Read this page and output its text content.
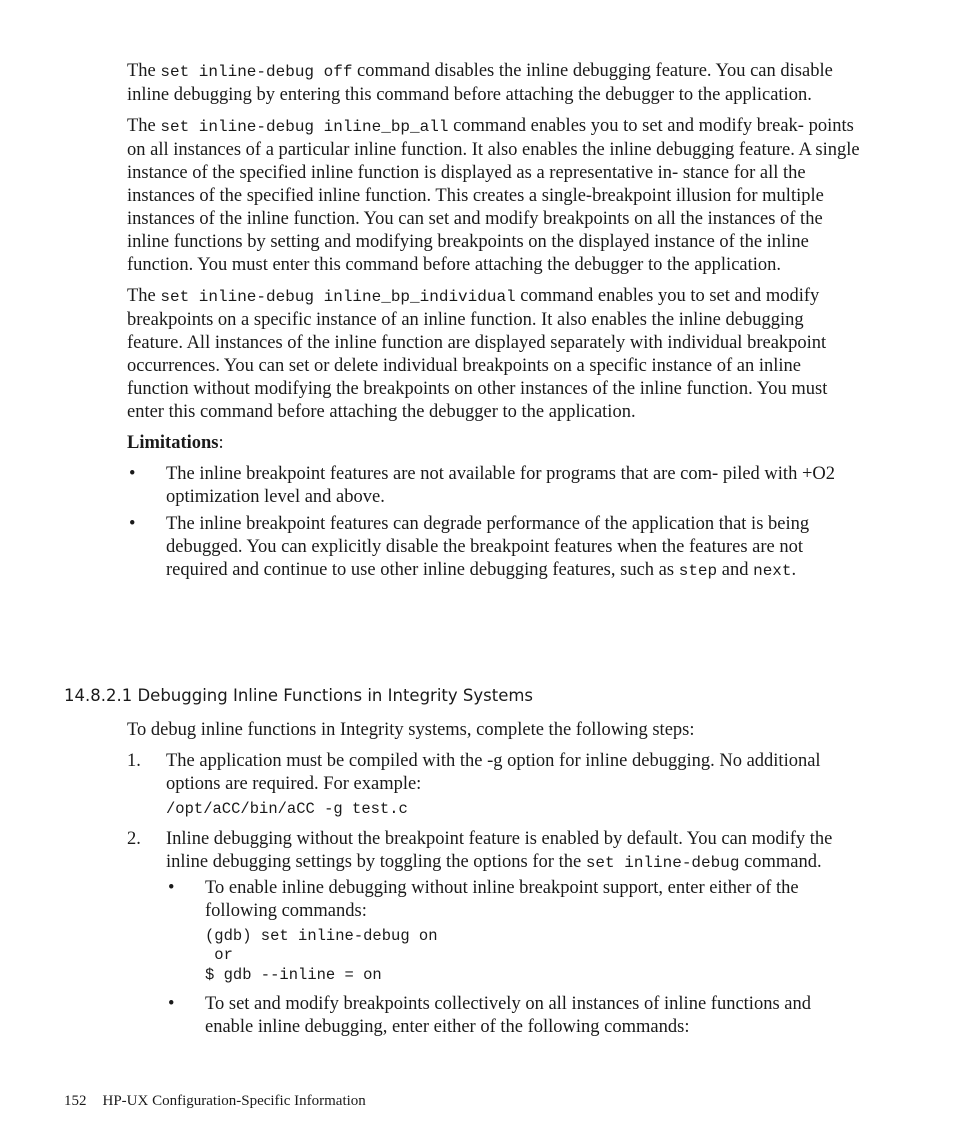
The set inline-debug off command disables the inline debugging feature. You can disable inline debugging by entering this command before attaching the debugger to the application.

The set inline-debug inline_bp_all command enables you to set and modify break- points on all instances of a particular inline function. It also enables the inline debugging feature. A single instance of the specified inline function is displayed as a representative in- stance for all the instances of the specified inline function. This creates a single-breakpoint illusion for multiple instances of the inline function. You can set and modify breakpoints on all the instances of the inline functions by setting and modifying breakpoints on the displayed instance of the inline function. You must enter this command before attaching the debugger to the application.

The set inline-debug inline_bp_individual command enables you to set and modify breakpoints on a specific instance of an inline function. It also enables the inline debugging feature. All instances of the inline function are displayed separately with individual breakpoint occurrences. You can set or delete individual breakpoints on a specific instance of an inline function without modifying the breakpoints on other instances of the inline function. You must enter this command before attaching the debugger to the application.

Limitations:

• The inline breakpoint features are not available for programs that are com- piled with +O2 optimization level and above.
• The inline breakpoint features can degrade performance of the application that is being debugged. You can explicitly disable the breakpoint features when the features are not required and continue to use other inline debugging features, such as step and next.
14.8.2.1 Debugging Inline Functions in Integrity Systems

To debug inline functions in Integrity systems, complete the following steps:

1. The application must be compiled with the -g option for inline debugging. No additional options are required. For example:
/opt/aCC/bin/aCC -g test.c
2. Inline debugging without the breakpoint feature is enabled by default. You can modify the inline debugging settings by toggling the options for the set inline-debug command.
• To enable inline debugging without inline breakpoint support, enter either of the following commands:
(gdb) set inline-debug on
or
$ gdb --inline = on
• To set and modify breakpoints collectively on all instances of inline functions and enable inline debugging, enter either of the following commands:
152 HP-UX Configuration-Specific Information
